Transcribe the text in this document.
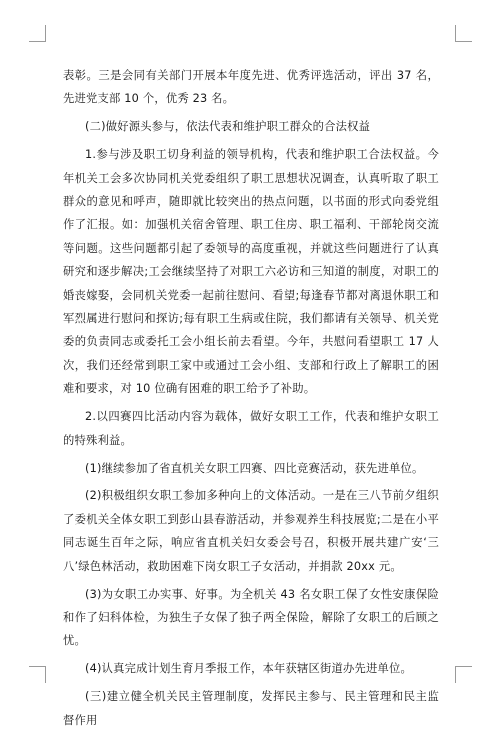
表彰。三是会同有关部门开展本年度先进、优秀评选活动，评出 37 名，先进党支部 10 个，优秀 23 名。

(二)做好源头参与，依法代表和维护职工群众的合法权益

1.参与涉及职工切身利益的领导机构，代表和维护职工合法权益。今年机关工会多次协同机关党委组织了职工思想状况调查，认真听取了职工群众的意见和呼声，随即就比较突出的热点问题，以书面的形式向委党组作了汇报。如：加强机关宿舍管理、职工住房、职工福利、干部轮岗交流等问题。这些问题都引起了委领导的高度重视，并就这些问题进行了认真研究和逐步解决;工会继续坚持了对职工六必访和三知道的制度，对职工的婚丧嫁娶，会同机关党委一起前往慰问、看望;每逢春节都对离退休职工和军烈属进行慰问和探访;每有职工生病或住院，我们都请有关领导、机关党委的负责同志或委托工会小组长前去看望。今年，共慰问看望职工 17 人次，我们还经常到职工家中或通过工会小组、支部和行政上了解职工的困难和要求，对 10 位确有困难的职工给予了补助。

2.以四赛四比活动内容为载体，做好女职工工作，代表和维护女职工的特殊利益。

(1)继续参加了省直机关女职工四赛、四比竞赛活动，获先进单位。

(2)积极组织女职工参加多种向上的文体活动。一是在三八节前夕组织了委机关全体女职工到彭山县春游活动，并参观养生科技展览;二是在小平同志诞生百年之际，响应省直机关妇女委会号召，积极开展共建广安‘三八’绿色林活动，救助困难下岗女职工子女活动，并捐款 20xx 元。

(3)为女职工办实事、好事。为全机关 43 名女职工保了女性安康保险和作了妇科体检，为独生子女保了独子两全保险，解除了女职工的后顾之忧。

(4)认真完成计划生育月季报工作，本年获辖区街道办先进单位。

(三)建立健全机关民主管理制度，发挥民主参与、民主管理和民主监督作用
